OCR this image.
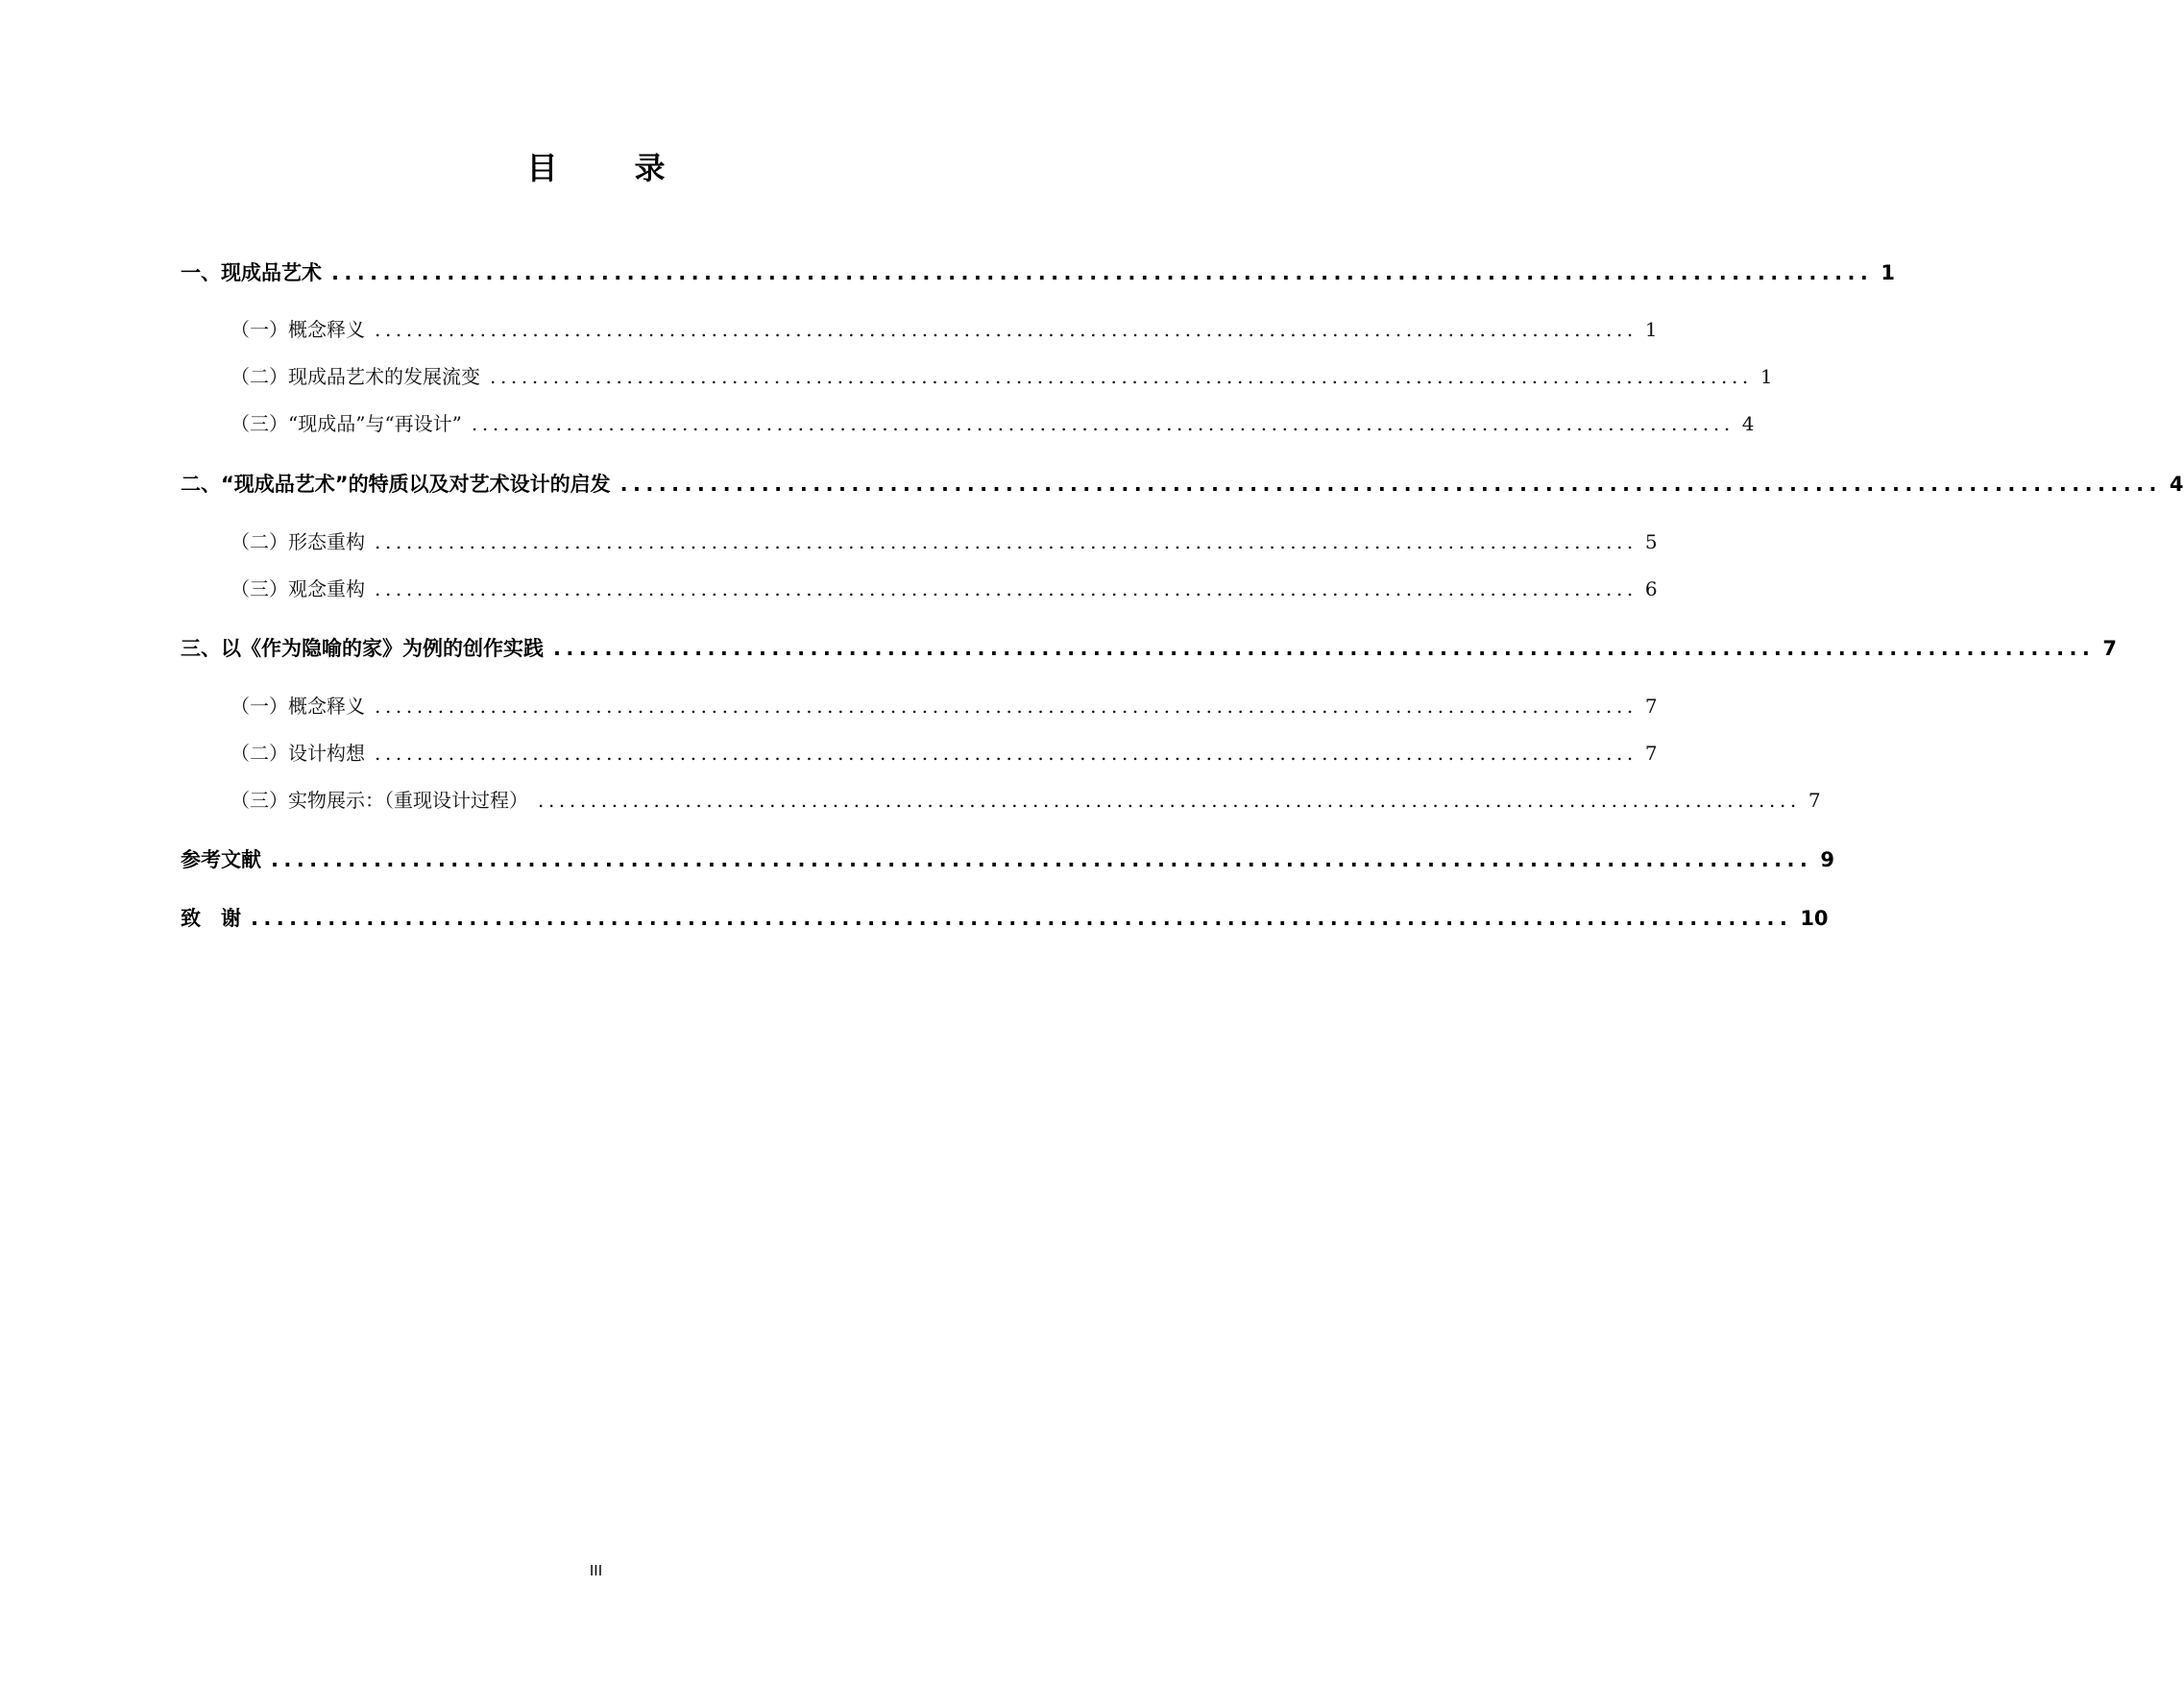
目　录
一、现成品艺术 ........................................................................................................................ 1
（一）概念释义 ........................................................................................................................ 1
（二）现成品艺术的发展流变 ........................................................................................................................ 1
（三）“现成品”与“再设计” ........................................................................................................................ 4
二、“现成品艺术”的特质以及对艺术设计的启发 ........................................................................................................................ 4
（二）形态重构 ........................................................................................................................ 5
（三）观念重构 ........................................................................................................................ 6
三、以《作为隐喻的家》为例的创作实践 ........................................................................................................................ 7
（一）概念释义 ........................................................................................................................ 7
（二）设计构想 ........................................................................................................................ 7
（三）实物展示：（重现设计过程） ........................................................................................................................ 7
参考文献 ........................................................................................................................ 9
致　谢 ........................................................................................................................ 10
III
